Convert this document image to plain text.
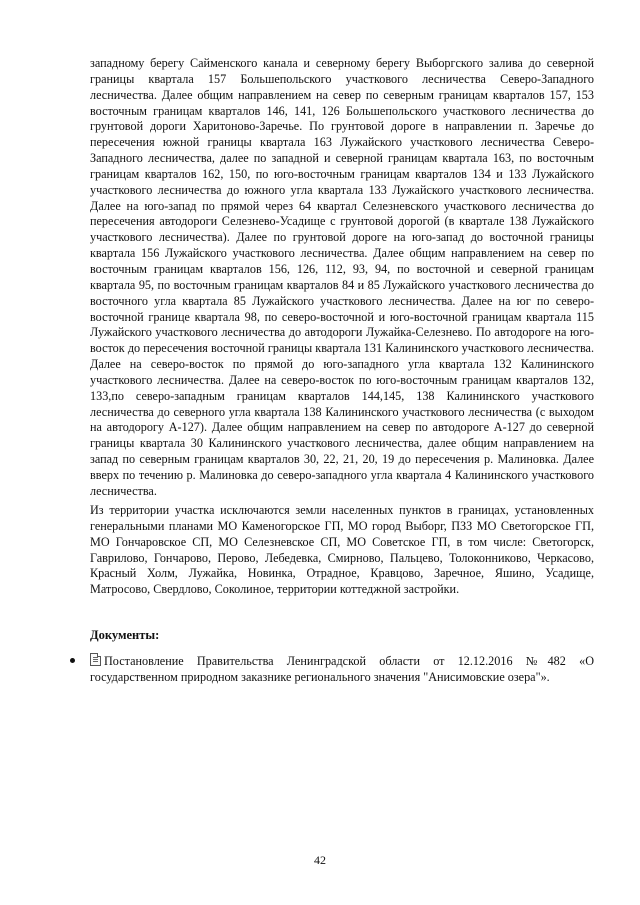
западному берегу Сайменского канала и северному берегу Выборгского залива до северной границы квартала 157 Большепольского участкового лесничества Северо-Западного лесничества. Далее общим направлением на север по северным границам кварталов 157, 153 восточным границам кварталов 146, 141, 126 Большепольского участкового лесничества до грунтовой дороги Харитоново-Заречье. По грунтовой дороге в направлении п. Заречье до пересечения южной границы квартала 163 Лужайского участкового лесничества Северо-Западного лесничества, далее по западной и северной границам квартала 163, по восточным границам кварталов 162, 150, по юго-восточным границам кварталов 134 и 133 Лужайского участкового лесничества до южного угла квартала 133 Лужайского участкового лесничества. Далее на юго-запад по прямой через 64 квартал Селезневского участкового лесничества до пересечения автодороги Селезнево-Усадище с грунтовой дорогой (в квартале 138 Лужайского участкового лесничества). Далее по грунтовой дороге на юго-запад до восточной границы квартала 156 Лужайского участкового лесничества. Далее общим направлением на север по восточным границам кварталов 156, 126, 112, 93, 94, по восточной и северной границам квартала 95, по восточным границам кварталов 84 и 85 Лужайского участкового лесничества до восточного угла квартала 85 Лужайского участкового лесничества. Далее на юг по северо-восточной границе квартала 98, по северо-восточной и юго-восточной границам квартала 115 Лужайского участкового лесничества до автодороги Лужайка-Селезнево. По автодороге на юго-восток до пересечения восточной границы квартала 131 Калининского участкового лесничества. Далее на северо-восток по прямой до юго-западного угла квартала 132 Калининского участкового лесничества. Далее на северо-восток по юго-восточным границам кварталов 132, 133,по северо-западным границам кварталов 144,145, 138 Калининского участкового лесничества до северного угла квартала 138 Калининского участкового лесничества (с выходом на автодорогу А-127). Далее общим направлением на север по автодороге А-127 до северной границы квартала 30 Калининского участкового лесничества, далее общим направлением на запад по северным границам кварталов 30, 22, 21, 20, 19 до пересечения р. Малиновка. Далее вверх по течению р. Малиновка до северо-западного угла квартала 4 Калининского участкового лесничества.

Из территории участка исключаются земли населенных пунктов в границах, установленных генеральными планами МО Каменогорское ГП, МО город Выборг, ПЗЗ МО Светогорское ГП, МО Гончаровское СП, МО Селезневское СП, МО Советское ГП, в том числе: Светогорск, Гаврилово, Гончарово, Перово, Лебедевка, Смирново, Пальцево, Толоконниково, Черкасово, Красный Холм, Лужайка, Новинка, Отрадное, Кравцово, Заречное, Яшино, Усадище, Матросово, Свердлово, Соколиное, территории коттеджной застройки.

Документы:

Постановление Правительства Ленинградской области от 12.12.2016 №482 «О государственном природном заказнике регионального значения "Анисимовские озера"».

42
